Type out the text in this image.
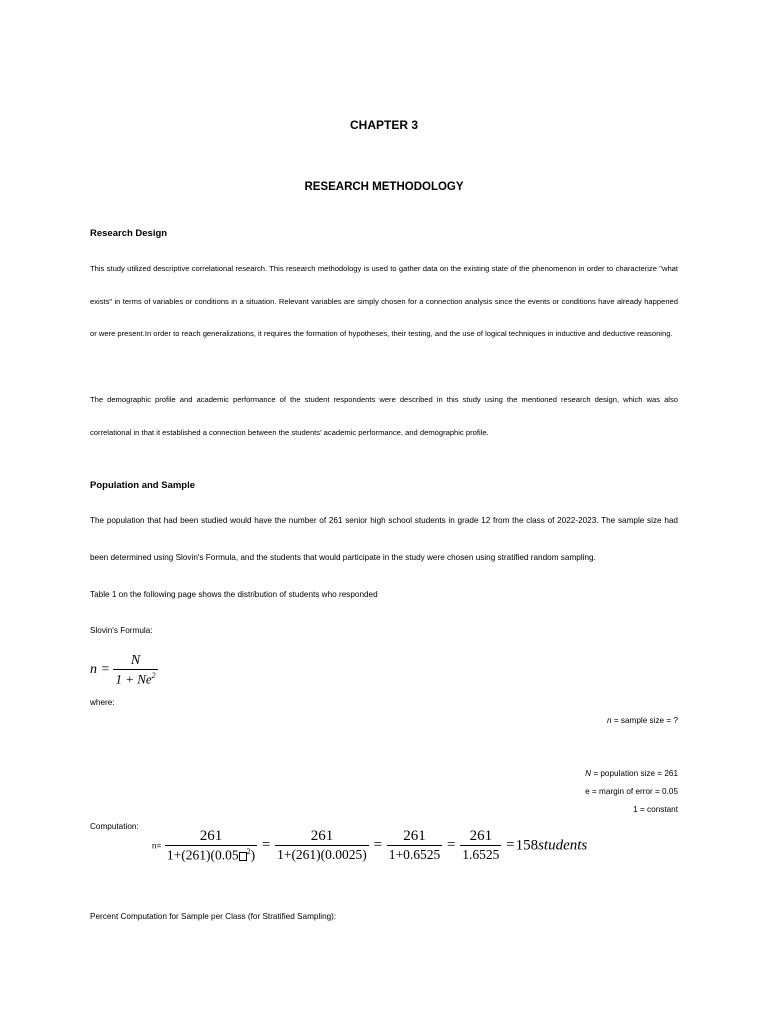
CHAPTER 3
RESEARCH METHODOLOGY
Research Design
This study utilized descriptive correlational research. This research methodology is used to gather data on the existing state of the phenomenon in order to characterize "what exists" in terms of variables or conditions in a situation. Relevant variables are simply chosen for a connection analysis since the events or conditions have already happened or were present.In order to reach generalizations, it requires the formation of hypotheses, their testing, and the use of logical techniques in inductive and deductive reasoning.
The demographic profile and academic performance of the student respondents were described in this study using the mentioned research design, which was also correlational in that it established a connection between the students' academic performance, and demographic profile.
Population and Sample
The population that had been studied would have the number of 261 senior high school students in grade 12 from the class of 2022-2023. The sample size had been determined using Slovin's Formula, and the students that would participate in the study were chosen using stratified random sampling.
Table 1 on the following page shows the distribution of students who responded
Slovin's Formula:
$n = \frac{N}{1 + Ne^2}$
where:
n = sample size = ?
N = population size = 261
e = margin of error = 0.05
1 = constant
Computation:
$n= \frac{261}{1+(261)(0.05 ^2)} = \frac{261}{1+(261)(0.0025)} = \frac{261}{1+0.6525} = \frac{261}{1.6525}$ =158students
Percent Computation for Sample per Class (for Stratified Sampling):
